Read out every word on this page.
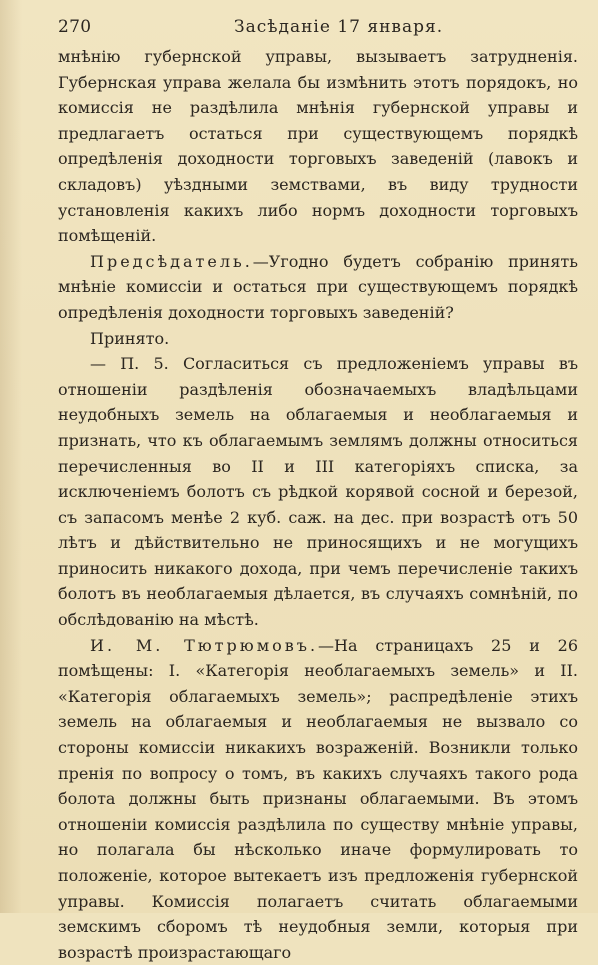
270	Засѣданіе 17 января.

мнѣнію губернской управы, вызываетъ затрудненія. Губернская управа желала бы измѣнить этотъ порядокъ, но комиссія не раздѣлила мнѣнія губернской управы и предлагаетъ остаться при существующемъ порядкѣ опредѣленія доходности торговыхъ заведеній (лавокъ и складовъ) уѣздными земствами, въ виду трудности установленія какихъ либо нормъ доходности торговыхъ помѣщеній.

Предсѣдатель.—Угодно будетъ собранію принять мнѣніе комиссіи и остаться при существующемъ порядкѣ опредѣленія доходности торговыхъ заведеній?

Принято.

— П. 5. Согласиться съ предложеніемъ управы въ отношеніи раздѣленія обозначаемыхъ владѣльцами неудобныхъ земель на облагаемыя и необлагаемыя и признать, что къ облагаемымъ землямъ должны относиться перечисленныя во II и III категоріяхъ списка, за исключеніемъ болотъ съ рѣдкой корявой сосной и березой, съ запасомъ менѣе 2 куб. саж. на дес. при возрастѣ отъ 50 лѣтъ и дѣйствительно не приносящихъ и не могущихъ приносить никакого дохода, при чемъ перечисленіе такихъ болотъ въ необлагаемыя дѣлается, въ случаяхъ сомнѣній, по обслѣдованію на мѣстѣ.

И. М. Тютрюмовъ.—На страницахъ 25 и 26 помѣщены: I. «Категорія необлагаемыхъ земель» и II. «Категорія облагаемыхъ земель»; распредѣленіе этихъ земель на облагаемыя и необлагаемыя не вызвало со стороны комиссіи никакихъ возраженій. Возникли только пренія по вопросу о томъ, въ какихъ случаяхъ такого рода болота должны быть признаны облагаемыми. Въ этомъ отношеніи комиссія раздѣлила по существу мнѣніе управы, но полагала бы нѣсколько иначе формулировать то положеніе, которое вытекаетъ изъ предложенія губернской управы. Комиссія полагаетъ считать облагаемыми земскимъ сборомъ тѣ неудобныя земли, которыя при возрастѣ произрастающаго
